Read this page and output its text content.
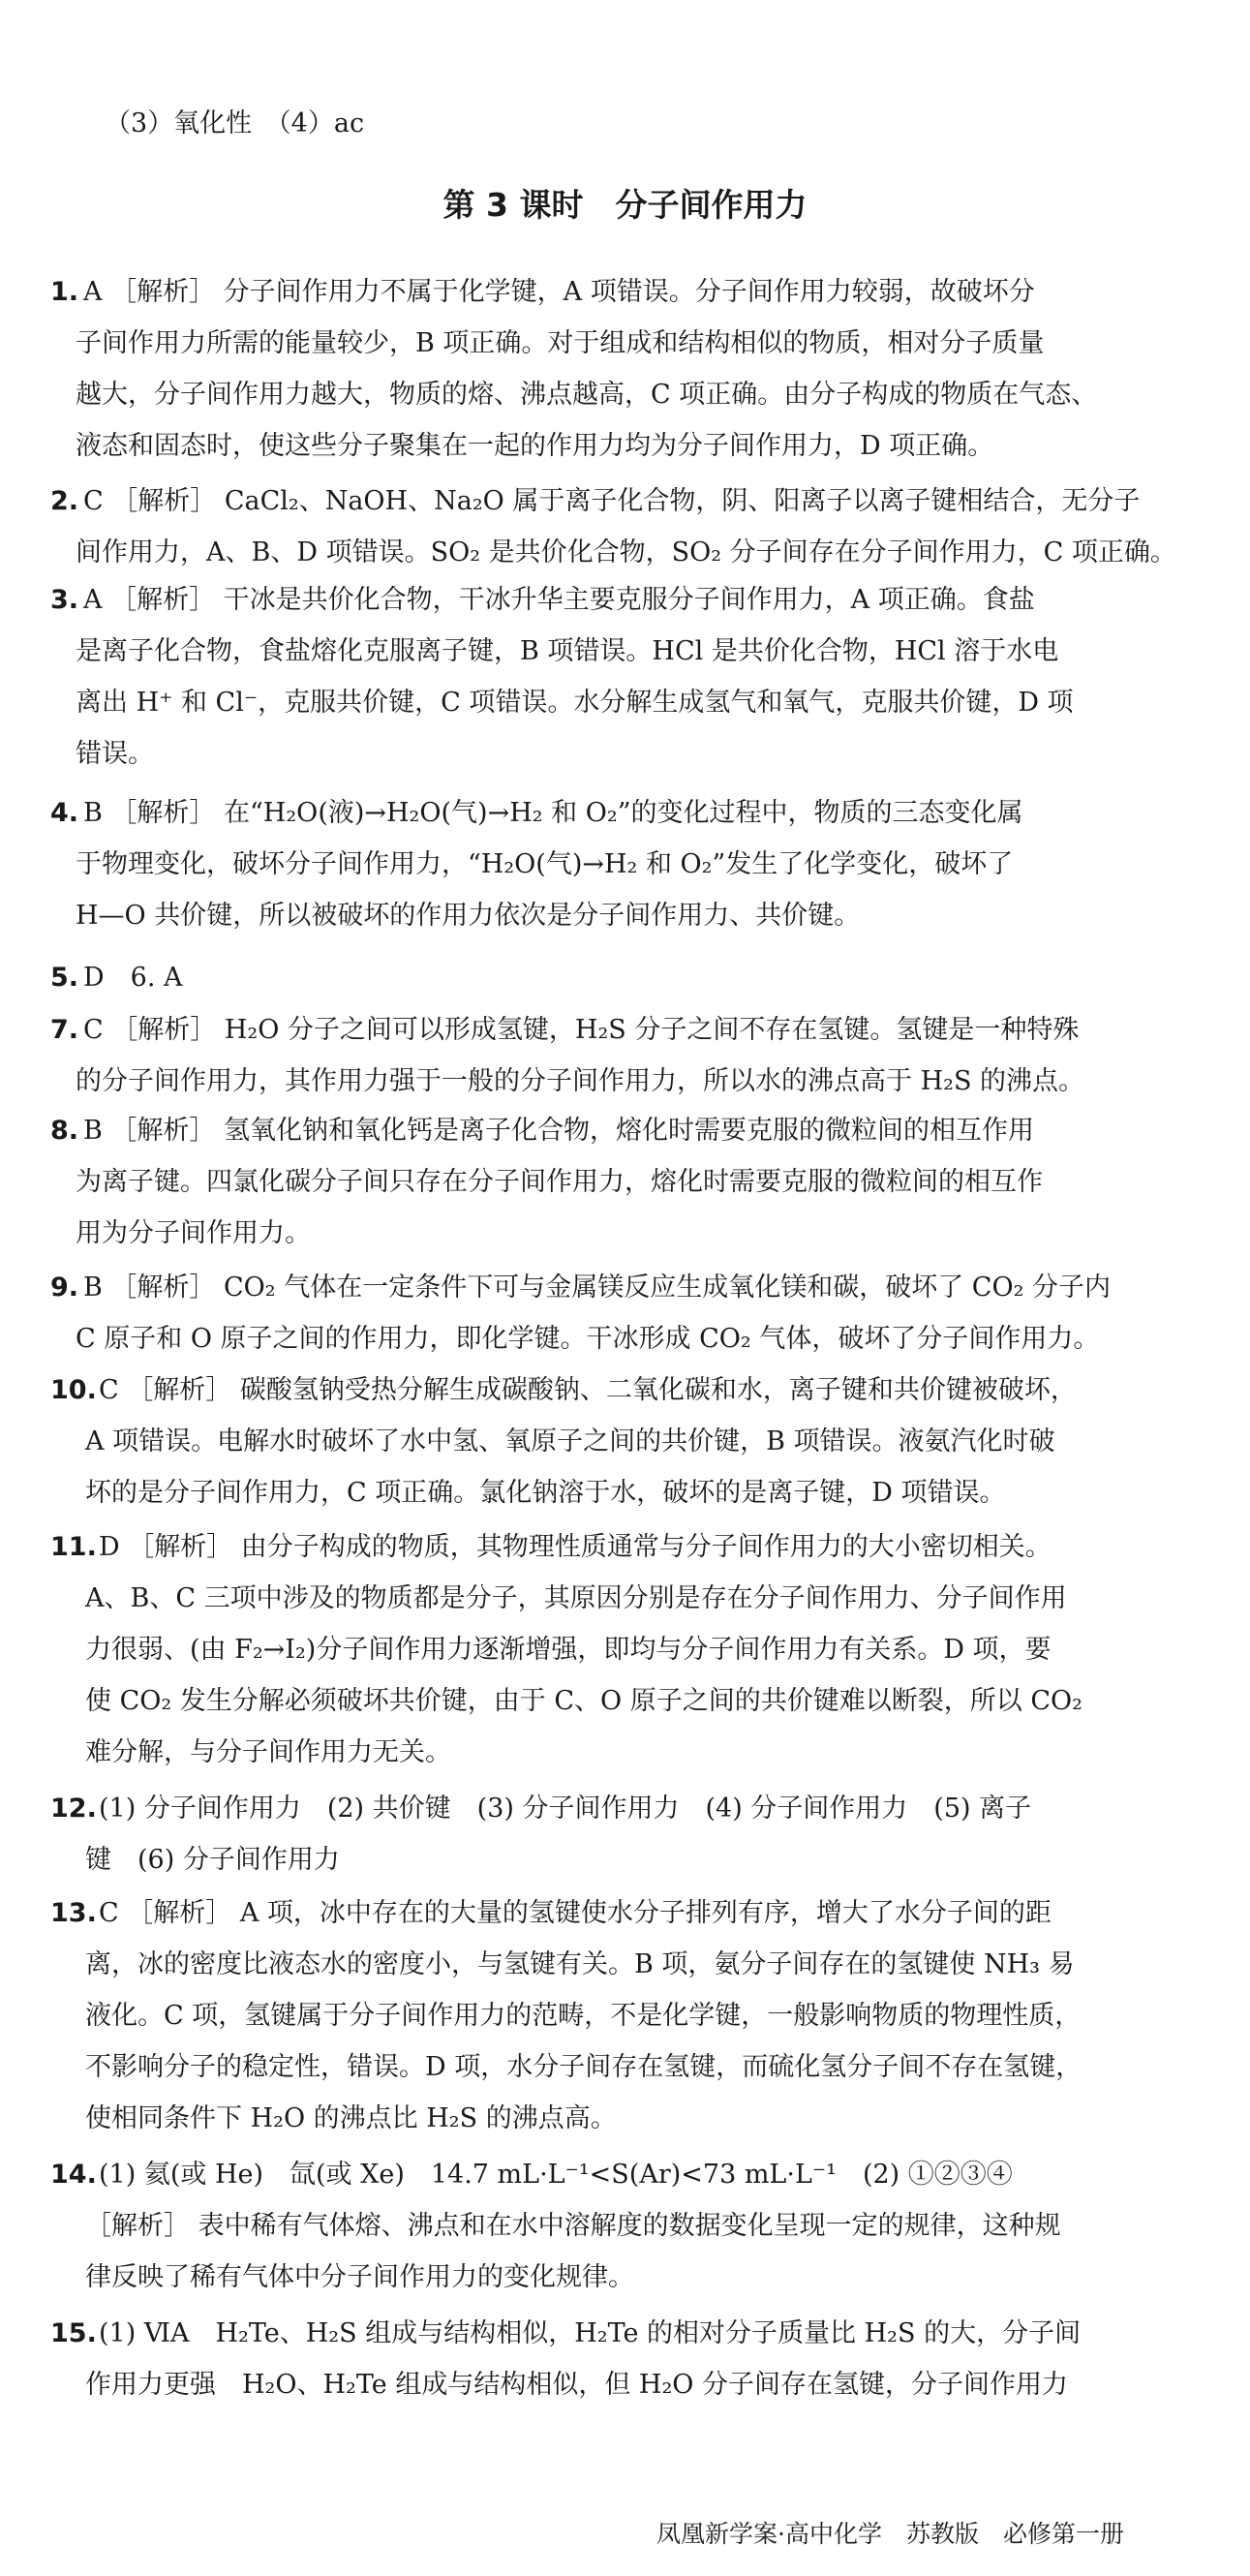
（3）氧化性　（4）ac
第 3 课时　分子间作用力
1. A ［解析］ 分子间作用力不属于化学键，A 项错误。分子间作用力较弱，故破坏分
子间作用力所需的能量较少，B 项正确。对于组成和结构相似的物质，相对分子质量
越大，分子间作用力越大，物质的熔、沸点越高，C 项正确。由分子构成的物质在气态、
液态和固态时，使这些分子聚集在一起的作用力均为分子间作用力，D 项正确。
2. C ［解析］ CaCl₂、NaOH、Na₂O 属于离子化合物，阴、阳离子以离子键相结合，无分子
间作用力，A、B、D 项错误。SO₂ 是共价化合物，SO₂ 分子间存在分子间作用力，C 项正确。
3. A ［解析］ 干冰是共价化合物，干冰升华主要克服分子间作用力，A 项正确。食盐
是离子化合物，食盐熔化克服离子键，B 项错误。HCl 是共价化合物，HCl 溶于水电
离出 H⁺ 和 Cl⁻，克服共价键，C 项错误。水分解生成氢气和氧气，克服共价键，D 项
错误。
4. B ［解析］ 在“H₂O(液)→H₂O(气)→H₂ 和 O₂”的变化过程中，物质的三态变化属
于物理变化，破坏分子间作用力，“H₂O(气)→H₂ 和 O₂”发生了化学变化，破坏了
H—O 共价键，所以被破坏的作用力依次是分子间作用力、共价键。
5. D　6. A
7. C ［解析］ H₂O 分子之间可以形成氢键，H₂S 分子之间不存在氢键。氢键是一种特殊
的分子间作用力，其作用力强于一般的分子间作用力，所以水的沸点高于 H₂S 的沸点。
8. B ［解析］ 氢氧化钠和氧化钙是离子化合物，熔化时需要克服的微粒间的相互作用
为离子键。四氯化碳分子间只存在分子间作用力，熔化时需要克服的微粒间的相互作
用为分子间作用力。
9. B ［解析］ CO₂ 气体在一定条件下可与金属镁反应生成氧化镁和碳，破坏了 CO₂ 分子内
C 原子和 O 原子之间的作用力，即化学键。干冰形成 CO₂ 气体，破坏了分子间作用力。
10.C ［解析］ 碳酸氢钠受热分解生成碳酸钠、二氧化碳和水，离子键和共价键被破坏，
A 项错误。电解水时破坏了水中氢、氧原子之间的共价键，B 项错误。液氨汽化时破
坏的是分子间作用力，C 项正确。氯化钠溶于水，破坏的是离子键，D 项错误。
11.D ［解析］ 由分子构成的物质，其物理性质通常与分子间作用力的大小密切相关。
A、B、C 三项中涉及的物质都是分子，其原因分别是存在分子间作用力、分子间作用
力很弱、(由 F₂→I₂)分子间作用力逐渐增强，即均与分子间作用力有关系。D 项，要
使 CO₂ 发生分解必须破坏共价键，由于 C、O 原子之间的共价键难以断裂，所以 CO₂
难分解，与分子间作用力无关。
12.(1) 分子间作用力　(2) 共价键　(3) 分子间作用力　(4) 分子间作用力　(5) 离子
键　(6) 分子间作用力
13.C ［解析］ A 项，冰中存在的大量的氢键使水分子排列有序，增大了水分子间的距
离，冰的密度比液态水的密度小，与氢键有关。B 项，氨分子间存在的氢键使 NH₃ 易
液化。C 项，氢键属于分子间作用力的范畴，不是化学键，一般影响物质的物理性质，
不影响分子的稳定性，错误。D 项，水分子间存在氢键，而硫化氢分子间不存在氢键，
使相同条件下 H₂O 的沸点比 H₂S 的沸点高。
14.(1) 氦(或 He)　氙(或 Xe)　14.7 mL·L⁻¹<S(Ar)<73 mL·L⁻¹　(2) ①②③④
［解析］ 表中稀有气体熔、沸点和在水中溶解度的数据变化呈现一定的规律，这种规
律反映了稀有气体中分子间作用力的变化规律。
15.(1) ⅥA　H₂Te、H₂S 组成与结构相似，H₂Te 的相对分子质量比 H₂S 的大，分子间
作用力更强　H₂O、H₂Te 组成与结构相似，但 H₂O 分子间存在氢键，分子间作用力
凤凰新学案·高中化学　苏教版　必修第一册
